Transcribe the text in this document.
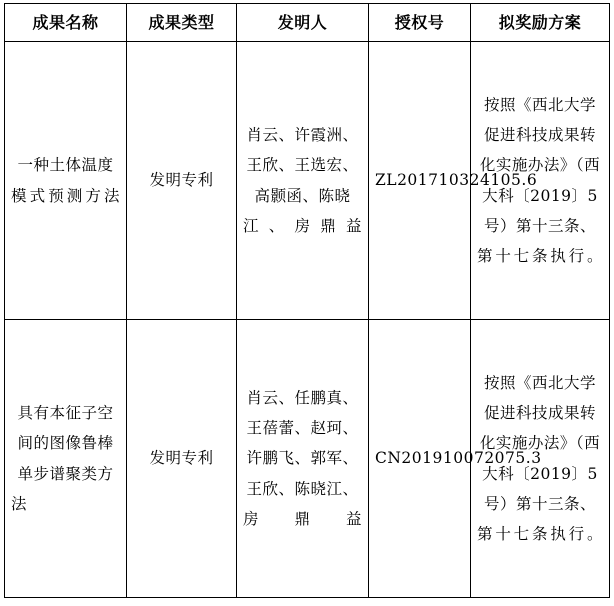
成果名称	成果类型	发明人	授权号	拟奖励方案
一种土体温度模式预测方法	发明专利	肖云、许霞洲、王欣、王选宏、高颢函、陈晓江、房鼎益	ZL201710324105.6	按照《西北大学促进科技成果转化实施办法》（西大科〔2019〕5号）第十三条、第十七条执行。
具有本征子空间的图像鲁棒单步谱聚类方法	发明专利	肖云、任鹏真、王蓓蕾、赵珂、许鹏飞、郭军、王欣、陈晓江、房鼎益	CN201910072075.3	按照《西北大学促进科技成果转化实施办法》（西大科〔2019〕5号）第十三条、第十七条执行。
